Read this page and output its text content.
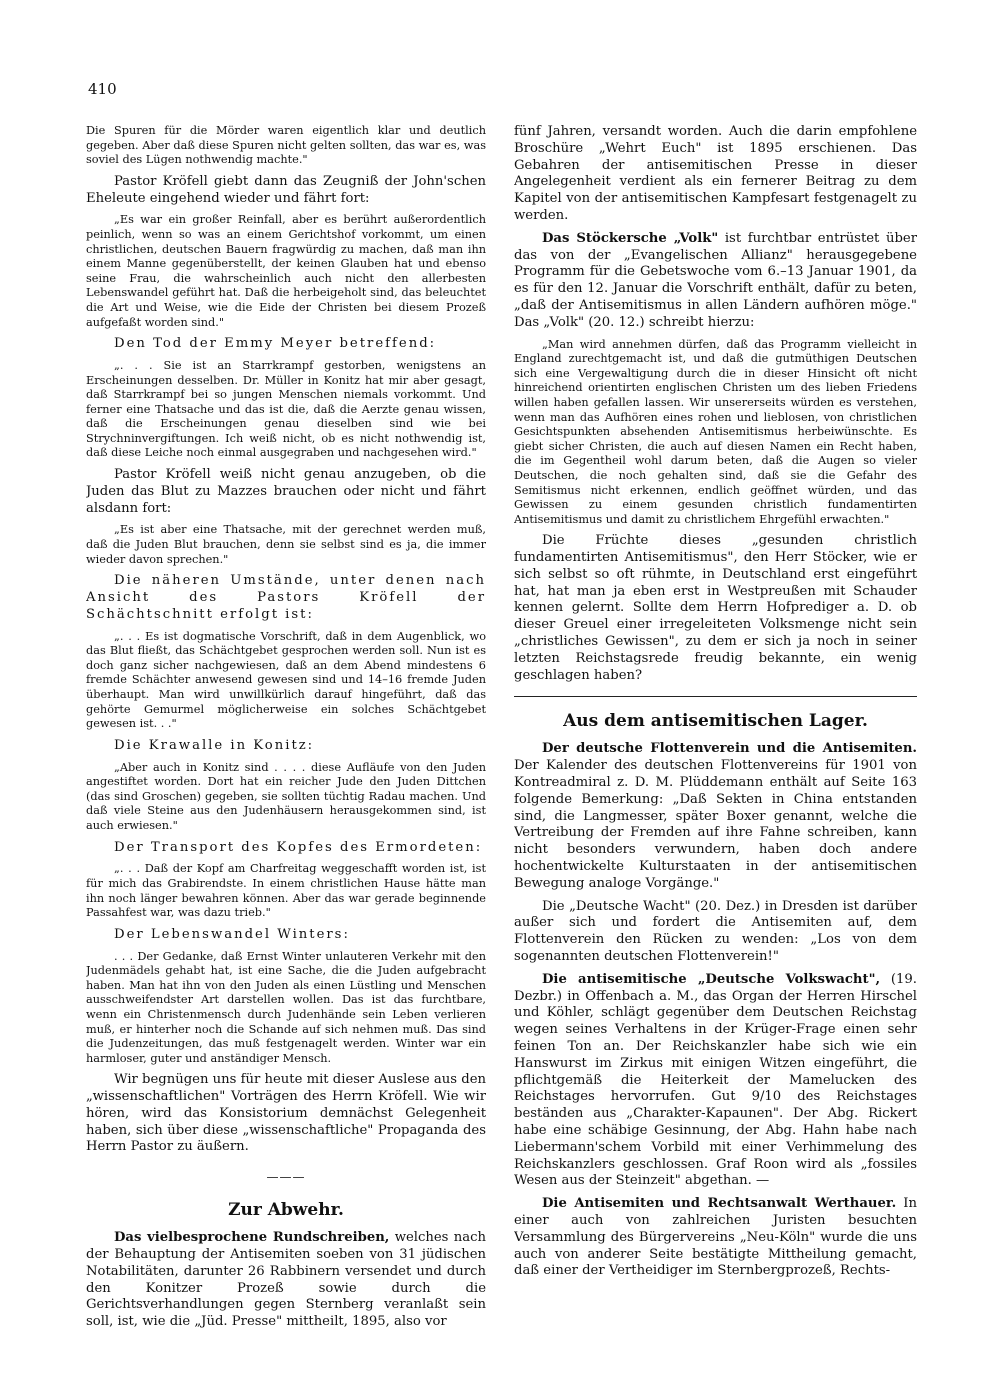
410

Die Spuren für die Mörder waren eigentlich klar und deutlich gegeben. Aber daß diese Spuren nicht gelten sollten, das war es, was soviel des Lügen nothwendig machte."

Pastor Kröfell giebt dann das Zeugniß der John'schen Eheleute eingehend wieder und fährt fort:

„Es war ein großer Reinfall, aber es berührt außerordentlich peinlich, wenn so was an einem Gerichtshof vorkommt, um einen christlichen, deutschen Bauern fragwürdig zu machen, daß man ihn einem Manne gegenüberstellt, der keinen Glauben hat und ebenso seine Frau, die wahrscheinlich auch nicht den allerbesten Lebenswandel geführt hat. Daß die herbeigeholt sind, das beleuchtet die Art und Weise, wie die Eide der Christen bei diesem Prozeß aufgefaßt worden sind."

Den Tod der Emmy Meyer betreffend:

„. . . Sie ist an Starrkrampf gestorben, wenigstens an Erscheinungen desselben. Dr. Müller in Konitz hat mir aber gesagt, daß Starrkrampf bei so jungen Menschen niemals vorkommt. Und ferner eine Thatsache und das ist die, daß die Aerzte genau wissen, daß die Erscheinungen genau dieselben sind wie bei Strychninvergiftungen. Ich weiß nicht, ob es nicht nothwendig ist, daß diese Leiche noch einmal ausgegraben und nachgesehen wird."

Pastor Kröfell weiß nicht genau anzugeben, ob die Juden das Blut zu Mazzes brauchen oder nicht und fährt alsdann fort:

„Es ist aber eine Thatsache, mit der gerechnet werden muß, daß die Juden Blut brauchen, denn sie selbst sind es ja, die immer wieder davon sprechen."

Die näheren Umstände, unter denen nach Ansicht des Pastors Kröfell der Schächtschnitt erfolgt ist:

„. . . Es ist dogmatische Vorschrift, daß in dem Augenblick, wo das Blut fließt, das Schächtgebet gesprochen werden soll. Nun ist es doch ganz sicher nachgewiesen, daß an dem Abend mindestens 6 fremde Schächter anwesend gewesen sind und 14–16 fremde Juden überhaupt. Man wird unwillkürlich darauf hingeführt, daß das gehörte Gemurmel möglicherweise ein solches Schächtgebet gewesen ist. . ."

Die Krawalle in Konitz:

„Aber auch in Konitz sind . . . . diese Aufläufe von den Juden angestiftet worden. Dort hat ein reicher Jude den Juden Dittchen (das sind Groschen) gegeben, sie sollten tüchtig Radau machen. Und daß viele Steine aus den Judenhäusern herausgekommen sind, ist auch erwiesen."

Der Transport des Kopfes des Ermordeten:

„. . . Daß der Kopf am Charfreitag weggeschafft worden ist, ist für mich das Grabirendste. In einem christlichen Hause hätte man ihn noch länger bewahren können. Aber das war gerade beginnende Passahfest war, was dazu trieb."

Der Lebenswandel Winters:

. . . Der Gedanke, daß Ernst Winter unlauteren Verkehr mit den Judenmädels gehabt hat, ist eine Sache, die die Juden aufgebracht haben. Man hat ihn von den Juden als einen Lüstling und Menschen ausschweifendster Art darstellen wollen. Das ist das furchtbare, wenn ein Christenmensch durch Judenhände sein Leben verlieren muß, er hinterher noch die Schande auf sich nehmen muß. Das sind die Judenzeitungen, das muß festgenagelt werden. Winter war ein harmloser, guter und anständiger Mensch.

Wir begnügen uns für heute mit dieser Auslese aus den „wissenschaftlichen" Vorträgen des Herrn Kröfell. Wie wir hören, wird das Konsistorium demnächst Gelegenheit haben, sich über diese „wissenschaftliche" Propaganda des Herrn Pastor zu äußern.

———
Zur Abwehr.

Das vielbesprochene Rundschreiben, welches nach der Behauptung der Antisemiten soeben von 31 jüdischen Notabilitäten, darunter 26 Rabbinern versendet und durch den Konitzer Prozeß sowie durch die Gerichtsverhandlungen gegen Sternberg veranlaßt sein soll, ist, wie die „Jüd. Presse" mittheilt, 1895, also vor

fünf Jahren, versandt worden. Auch die darin empfohlene Broschüre „Wehrt Euch" ist 1895 erschienen. Das Gebahren der antisemitischen Presse in dieser Angelegenheit verdient als ein fernerer Beitrag zu dem Kapitel von der antisemitischen Kampfesart festgenagelt zu werden.

Das Stöckersche „Volk" ist furchtbar entrüstet über das von der „Evangelischen Allianz" herausgegebene Programm für die Gebetswoche vom 6.–13 Januar 1901, da es für den 12. Januar die Vorschrift enthält, dafür zu beten, „daß der Antisemitismus in allen Ländern aufhören möge." Das „Volk" (20. 12.) schreibt hierzu:

„Man wird annehmen dürfen, daß das Programm vielleicht in England zurechtgemacht ist, und daß die gutmüthigen Deutschen sich eine Vergewaltigung durch die in dieser Hinsicht oft nicht hinreichend orientirten englischen Christen um des lieben Friedens willen haben gefallen lassen. Wir unsererseits würden es verstehen, wenn man das Aufhören eines rohen und lieblosen, von christlichen Gesichtspunkten absehenden Antisemitismus herbeiwünschte. Es giebt sicher Christen, die auch auf diesen Namen ein Recht haben, die im Gegentheil wohl darum beten, daß die Augen so vieler Deutschen, die noch gehalten sind, daß sie die Gefahr des Semitismus nicht erkennen, endlich geöffnet würden, und das Gewissen zu einem gesunden christlich fundamentirten Antisemitismus und damit zu christlichem Ehrgefühl erwachten."

Die Früchte dieses „gesunden christlich fundamentirten Antisemitismus", den Herr Stöcker, wie er sich selbst so oft rühmte, in Deutschland erst eingeführt hat, hat man ja eben erst in Westpreußen mit Schauder kennen gelernt. Sollte dem Herrn Hofprediger a. D. ob dieser Greuel einer irregeleiteten Volksmenge nicht sein „christliches Gewissen", zu dem er sich ja noch in seiner letzten Reichstagsrede freudig bekannte, ein wenig geschlagen haben?

Aus dem antisemitischen Lager.

Der deutsche Flottenverein und die Antisemiten. Der Kalender des deutschen Flottenvereins für 1901 von Kontreadmiral z. D. M. Plüddemann enthält auf Seite 163 folgende Bemerkung: „Daß Sekten in China entstanden sind, die Langmesser, später Boxer genannt, welche die Vertreibung der Fremden auf ihre Fahne schreiben, kann nicht besonders verwundern, haben doch andere hochentwickelte Kulturstaaten in der antisemitischen Bewegung analoge Vorgänge."

Die „Deutsche Wacht" (20. Dez.) in Dresden ist darüber außer sich und fordert die Antisemiten auf, dem Flottenverein den Rücken zu wenden: „Los von dem sogenannten deutschen Flottenverein!"

Die antisemitische „Deutsche Volkswacht", (19. Dezbr.) in Offenbach a. M., das Organ der Herren Hirschel und Köhler, schlägt gegenüber dem Deutschen Reichstag wegen seines Verhaltens in der Krüger-Frage einen sehr feinen Ton an. Der Reichskanzler habe sich wie ein Hanswurst im Zirkus mit einigen Witzen eingeführt, die pflichtgemäß die Heiterkeit der Mamelucken des Reichstages hervorrufen. Gut 9/10 des Reichstages beständen aus „Charakter-Kapaunen". Der Abg. Rickert habe eine schäbige Gesinnung, der Abg. Hahn habe nach Liebermann'schem Vorbild mit einer Verhimmelung des Reichskanzlers geschlossen. Graf Roon wird als „fossiles Wesen aus der Steinzeit" abgethan. —

Die Antisemiten und Rechtsanwalt Werthauer. In einer auch von zahlreichen Juristen besuchten Versammlung des Bürgervereins „Neu-Köln" wurde die uns auch von anderer Seite bestätigte Mittheilung gemacht, daß einer der Vertheidiger im Sternbergprozeß, Rechts-
